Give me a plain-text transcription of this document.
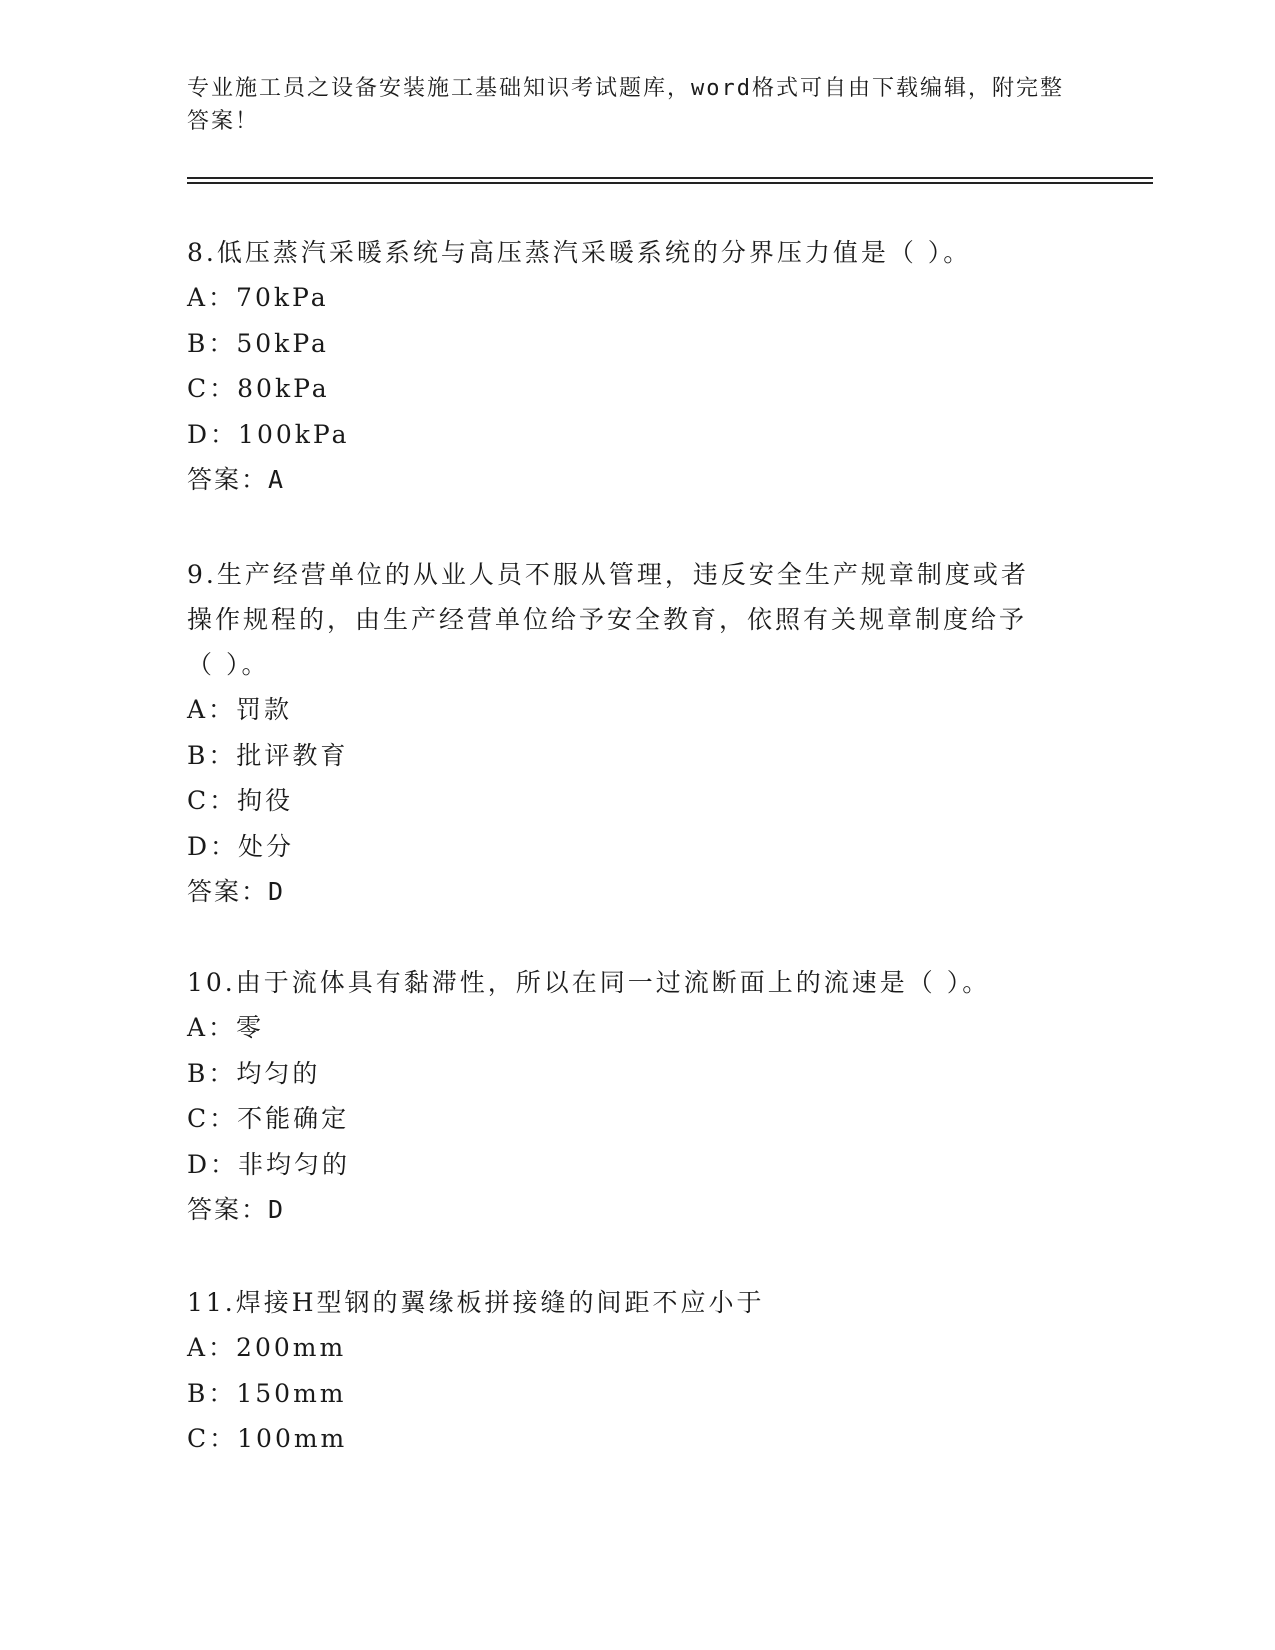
专业施工员之设备安装施工基础知识考试题库，word格式可自由下载编辑，附完整答案！

8.低压蒸汽采暖系统与高压蒸汽采暖系统的分界压力值是（ ）。

A：70kPa

B：50kPa

C：80kPa

D：100kPa

答案：A

9.生产经营单位的从业人员不服从管理，违反安全生产规章制度或者操作规程的，由生产经营单位给予安全教育，依照有关规章制度给予（ ）。

A：罚款

B：批评教育

C：拘役

D：处分

答案：D

10.由于流体具有黏滞性，所以在同一过流断面上的流速是（ ）。

A：零

B：均匀的

C：不能确定

D：非均匀的

答案：D

11.焊接H型钢的翼缘板拼接缝的间距不应小于

A：200mm

B：150mm

C：100mm
